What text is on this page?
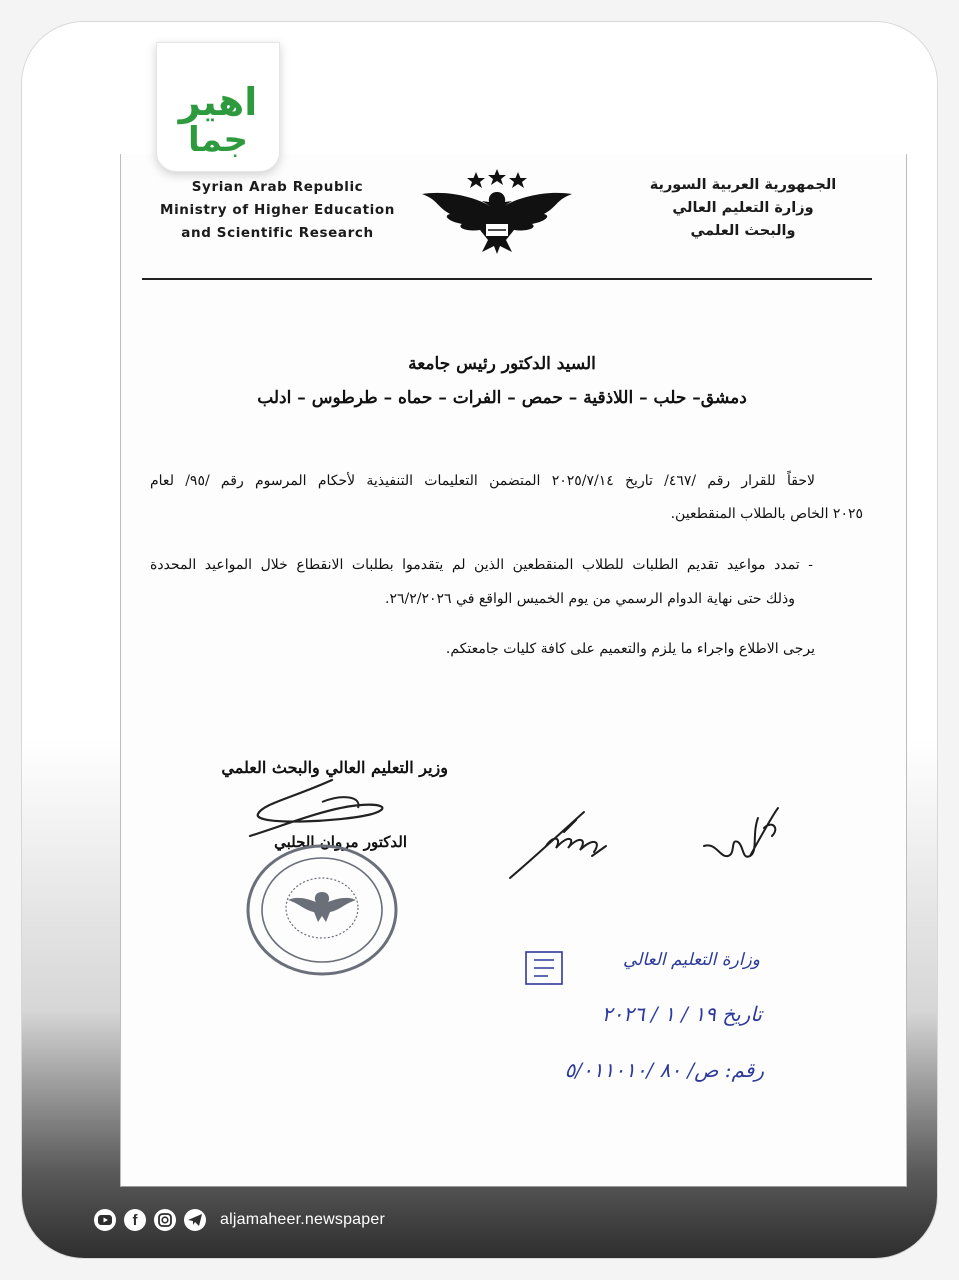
اهير
جما
Syrian Arab Republic
Ministry of Higher Education
and Scientific Research
الجمهورية العربية السورية
وزارة التعليم العالي
والبحث العلمي
السيد الدكتور رئيس جامعة
دمشق– حلب – اللاذقية – حمص – الفرات – حماه – طرطوس – ادلب
لاحقاً للقرار رقم /٤٦٧/ تاريخ ٢٠٢٥/٧/١٤ المتضمن التعليمات التنفيذية لأحكام المرسوم رقم /٩٥/ لعام
٢٠٢٥ الخاص بالطلاب المنقطعين.
- تمدد مواعيد تقديم الطلبات للطلاب المنقطعين الذين لم يتقدموا بطلبات الانقطاع خلال المواعيد المحددة
وذلك حتى نهاية الدوام الرسمي من يوم الخميس الواقع في ٢٦/٢/٢٠٢٦.
يرجى الاطلاع واجراء ما يلزم والتعميم على كافة كليات جامعتكم.
وزير التعليم العالي والبحث العلمي
الدكتور مروان الحلبي
وزارة التعليم العالي
تاريخ ١٩ / ١ / ٢٠٢٦
رقم: ص/ ٨٠ /٥/٠١١٠١٠
f	aljamaheer.newspaper
